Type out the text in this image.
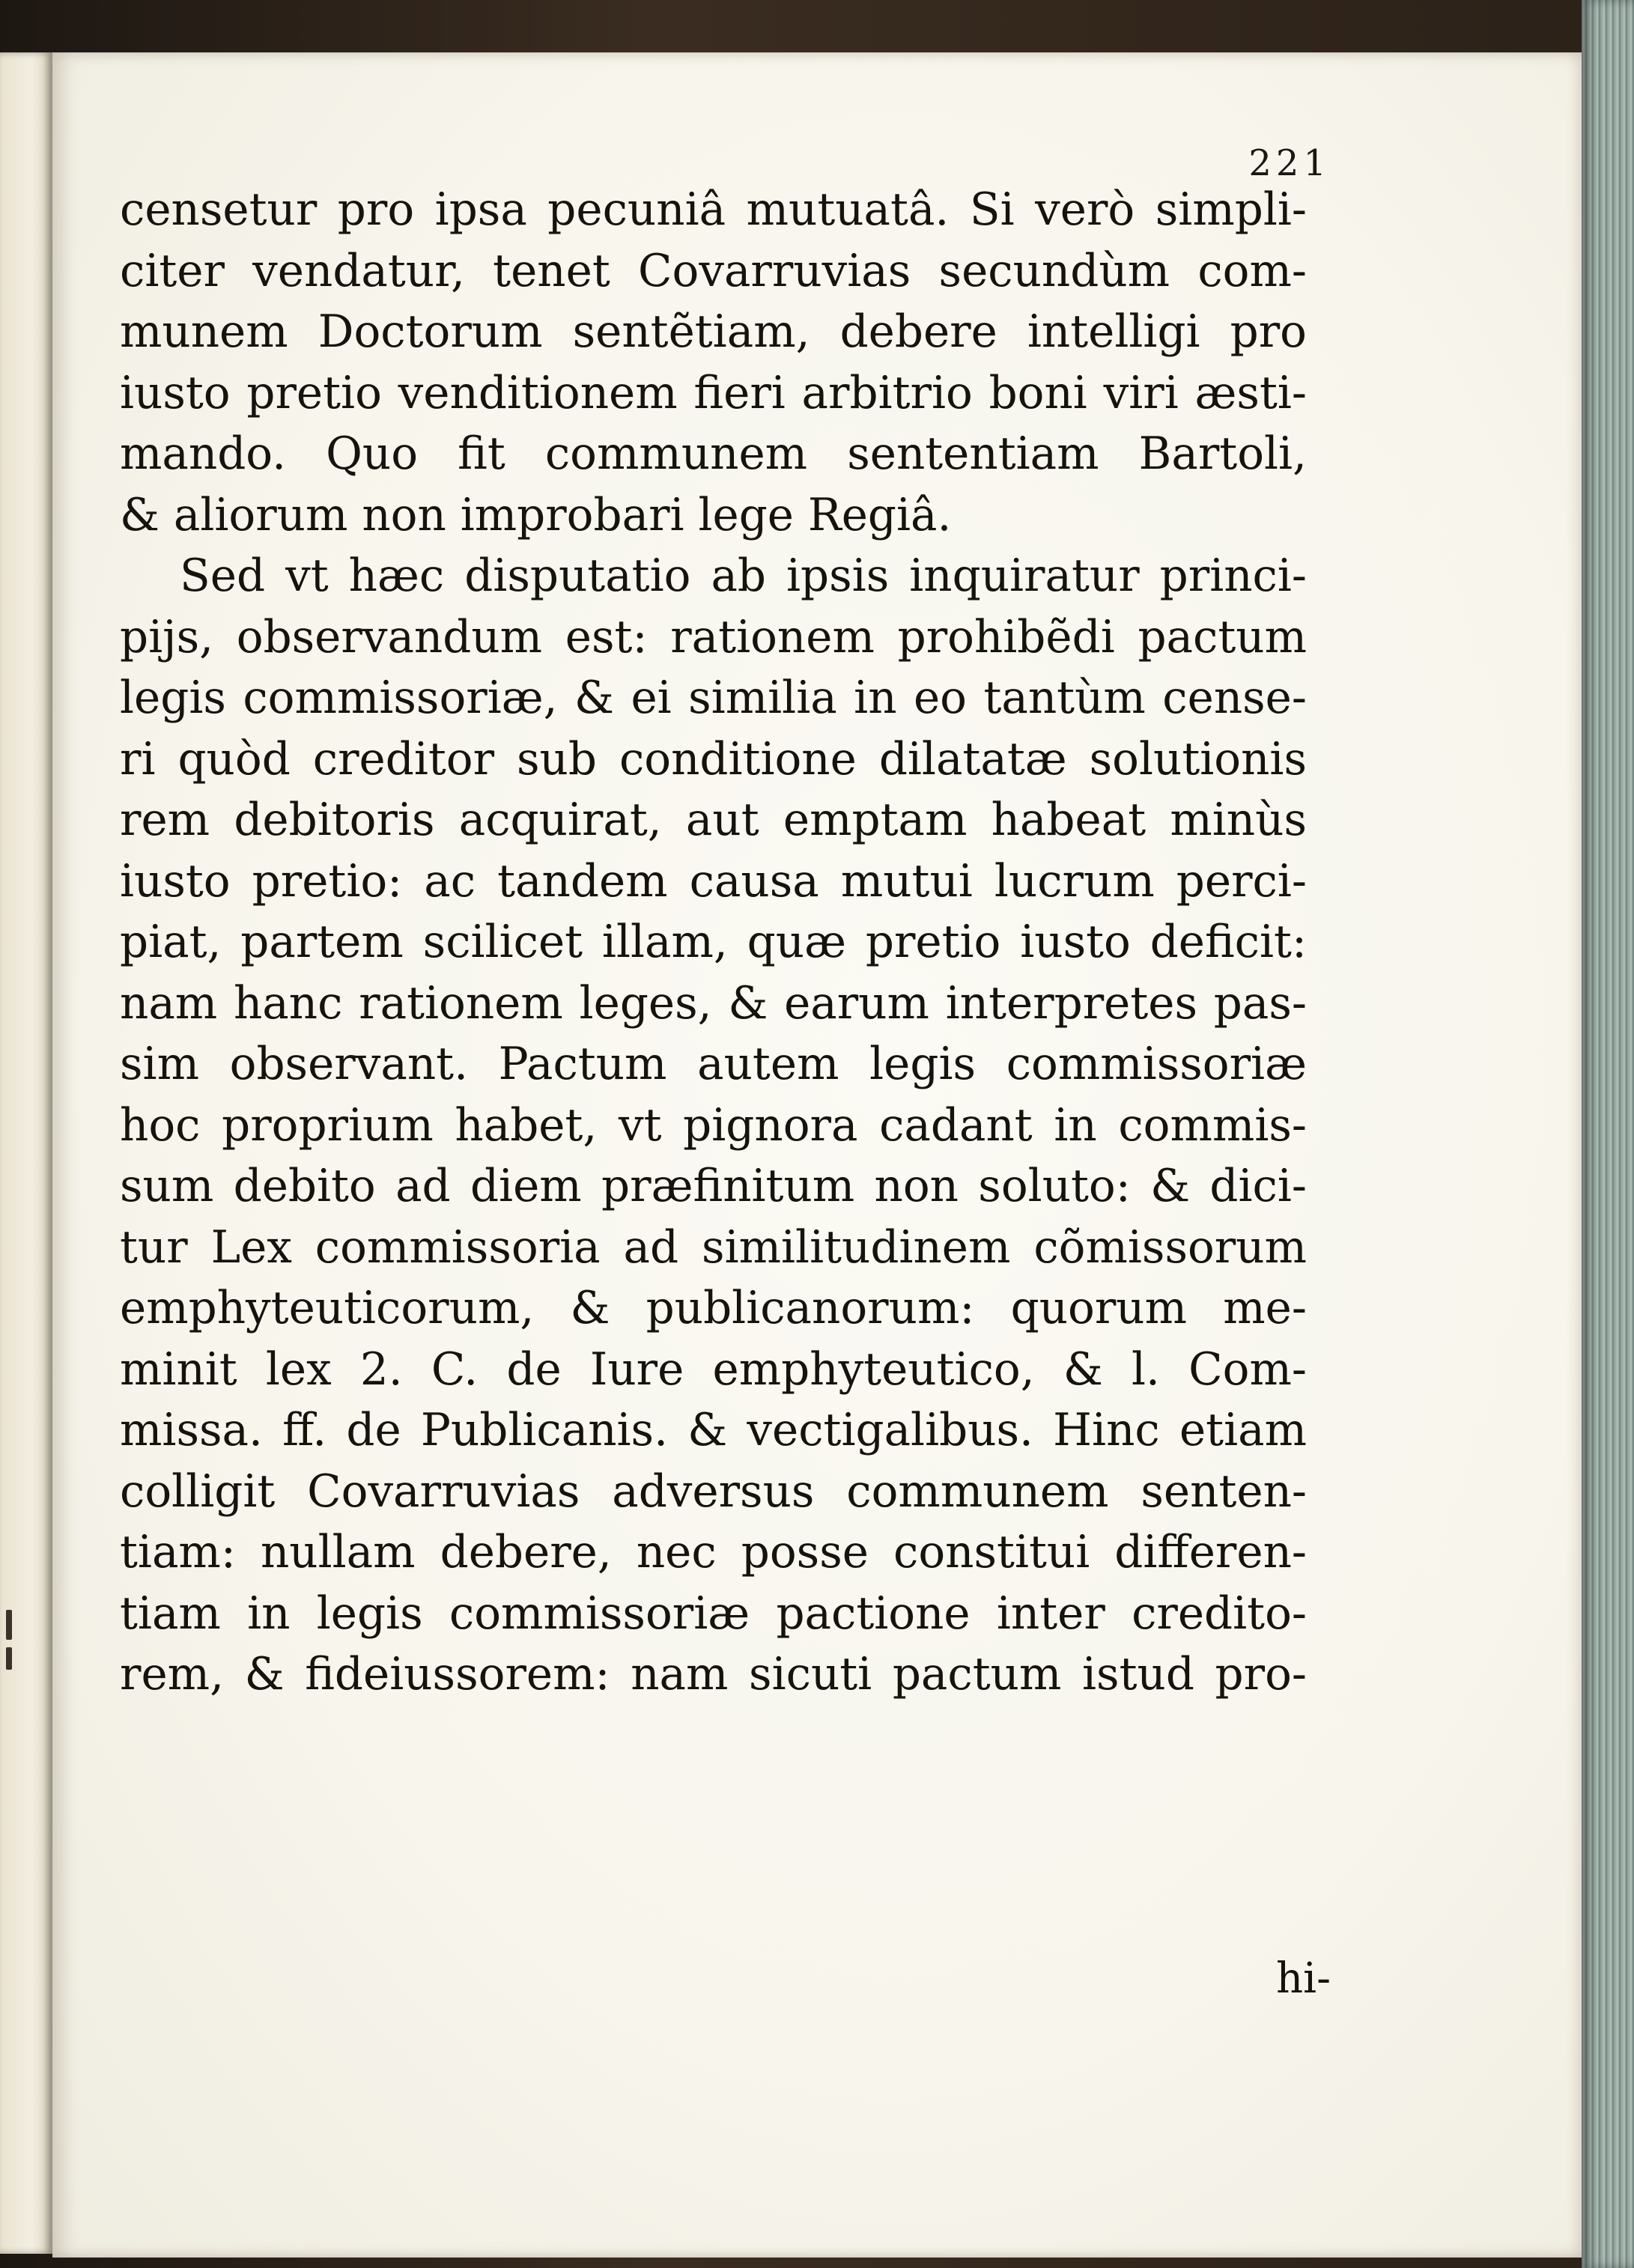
221
censetur pro ipsa pecuniâ mutuatâ. Si verò simpli-
citer vendatur, tenet Covarruvias secundùm com-
munem Doctorum sentẽtiam, debere intelligi pro
iusto pretio venditionem fieri arbitrio boni viri æsti-
mando. Quo fit communem sententiam Bartoli,
& aliorum non improbari lege Regiâ.
Sed vt hæc disputatio ab ipsis inquiratur princi-
pijs, observandum est: rationem prohibẽdi pactum
legis commissoriæ, & ei similia in eo tantùm cense-
ri quòd creditor sub conditione dilatatæ solutionis
rem debitoris acquirat, aut emptam habeat minùs
iusto pretio: ac tandem causa mutui lucrum perci-
piat, partem scilicet illam, quæ pretio iusto deficit:
nam hanc rationem leges, & earum interpretes pas-
sim observant. Pactum autem legis commissoriæ
hoc proprium habet, vt pignora cadant in commis-
sum debito ad diem præfinitum non soluto: & dici-
tur Lex commissoria ad similitudinem cõmissorum
emphyteuticorum, & publicanorum: quorum me-
minit lex 2. C. de Iure emphyteutico, & l. Com-
missa. ff. de Publicanis. & vectigalibus. Hinc etiam
colligit Covarruvias adversus communem senten-
tiam: nullam debere, nec posse constitui differen-
tiam in legis commissoriæ pactione inter credito-
rem, & fideiussorem: nam sicuti pactum istud pro-
hi-
